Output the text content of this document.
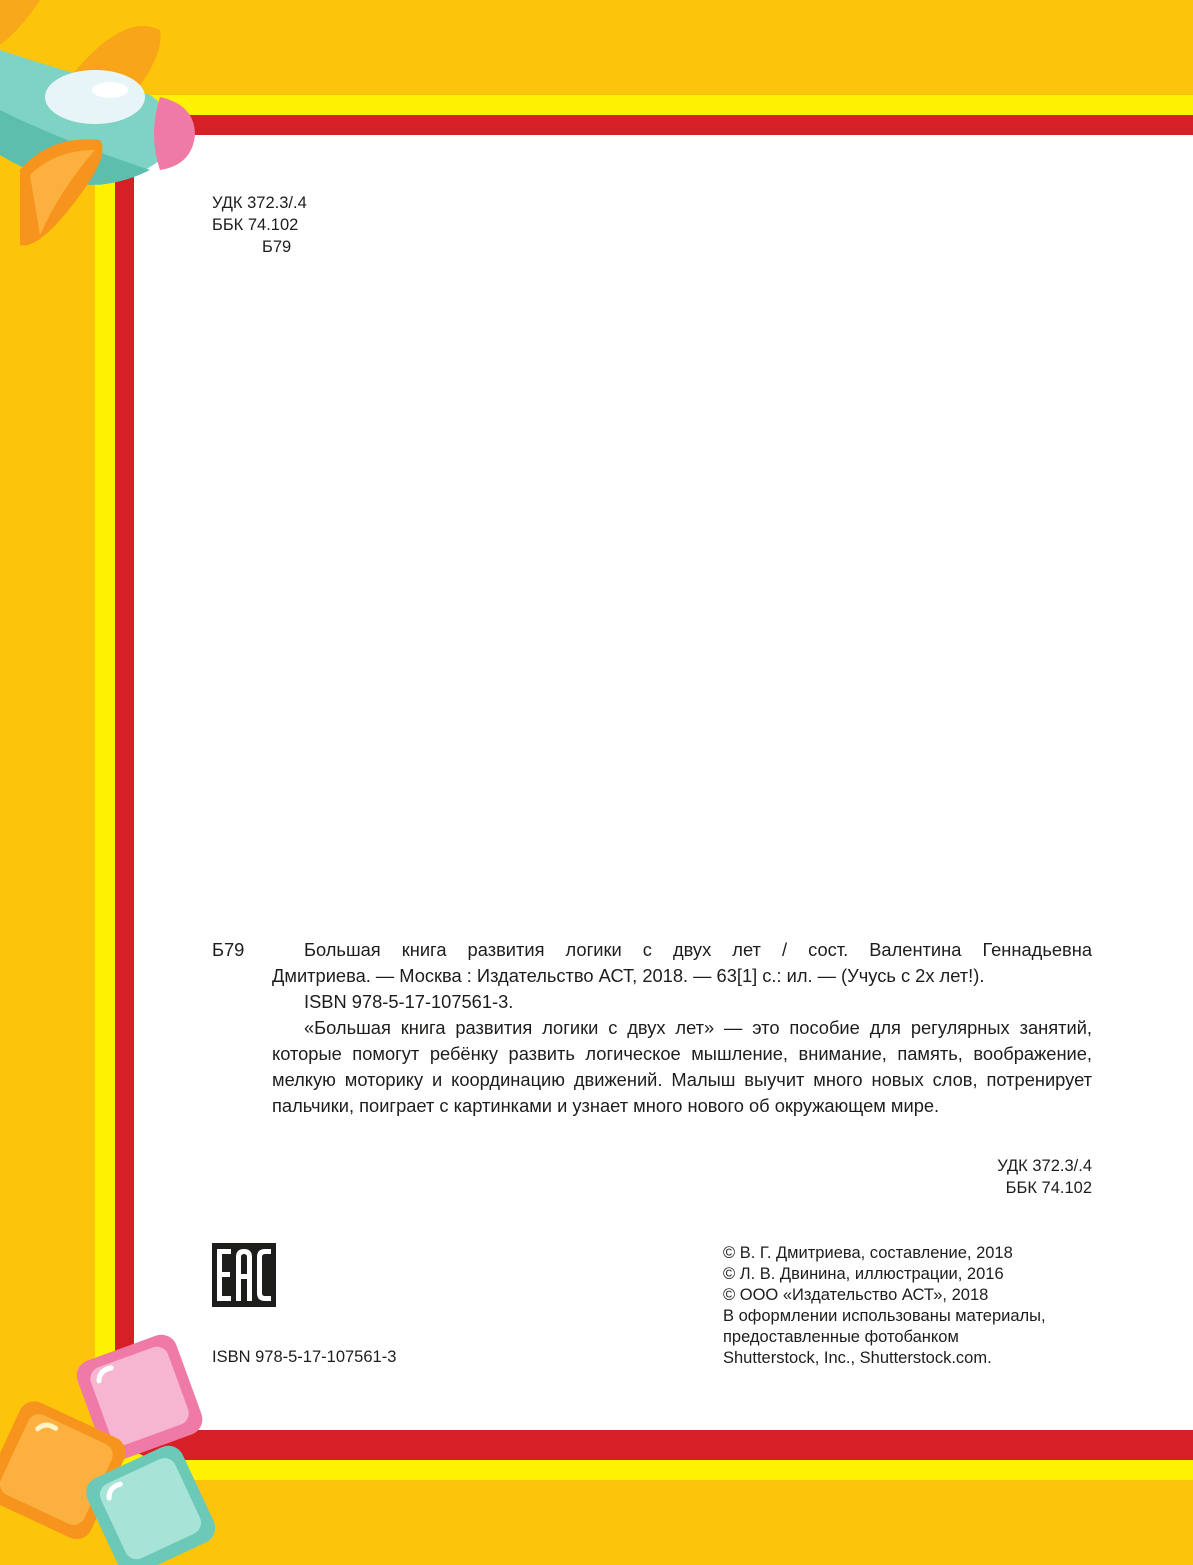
УДК 372.3/.4

ББК 74.102

Б79

Б79	Большая книга развития логики с двух лет / сост. Валентина Геннадьевна

Дмитриева. — Москва : Издательство АСТ, 2018. — 63[1] с.: ил. — (Учусь с 2х лет!).

ISBN 978-5-17-107561-3.

«Большая книга развития логики с двух лет» — это пособие для регулярных занятий, которые помогут ребёнку развить логическое мышление, внимание, память, воображение, мелкую моторику и координацию движений. Малыш выучит много новых слов, потренирует пальчики, поиграет с картинками и узнает много нового об окружающем мире.

УДК 372.3/.4
ББК 74.102

ISBN 978-5-17-107561-3

© В. Г. Дмитриева, составление, 2018
© Л. В. Двинина, иллюстрации, 2016
© ООО «Издательство АСТ», 2018
В оформлении использованы материалы,
предоставленные фотобанком
Shutterstock, Inc., Shutterstock.com.
